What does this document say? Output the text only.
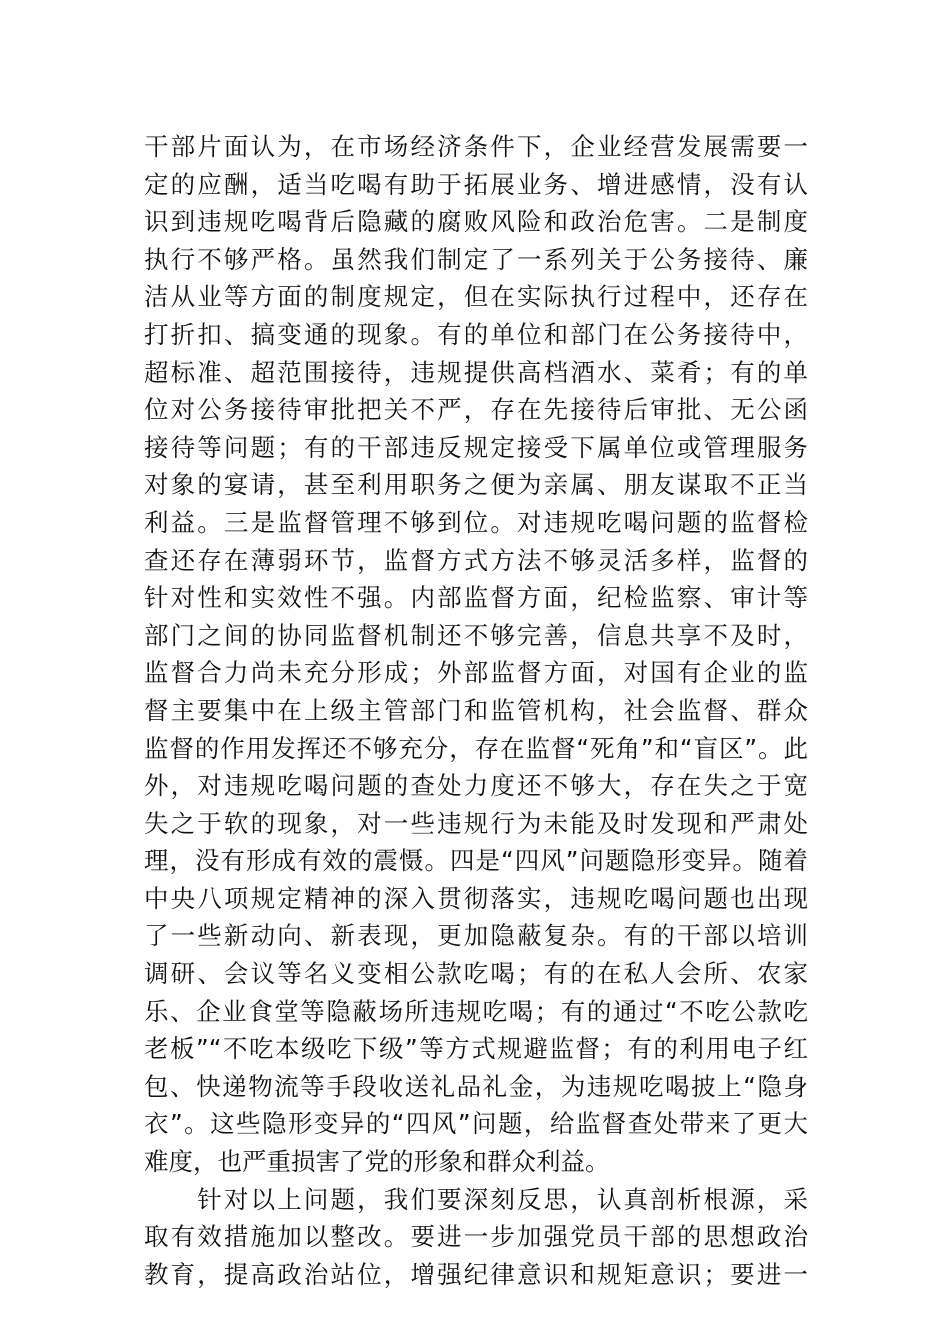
干部片面认为，在市场经济条件下，企业经营发展需要一
定的应酬，适当吃喝有助于拓展业务、增进感情，没有认
识到违规吃喝背后隐藏的腐败风险和政治危害。二是制度
执行不够严格。虽然我们制定了一系列关于公务接待、廉
洁从业等方面的制度规定，但在实际执行过程中，还存在
打折扣、搞变通的现象。有的单位和部门在公务接待中，
超标准、超范围接待，违规提供高档酒水、菜肴；有的单
位对公务接待审批把关不严，存在先接待后审批、无公函
接待等问题；有的干部违反规定接受下属单位或管理服务
对象的宴请，甚至利用职务之便为亲属、朋友谋取不正当
利益。三是监督管理不够到位。对违规吃喝问题的监督检
查还存在薄弱环节，监督方式方法不够灵活多样，监督的
针对性和实效性不强。内部监督方面，纪检监察、审计等
部门之间的协同监督机制还不够完善，信息共享不及时，
监督合力尚未充分形成；外部监督方面，对国有企业的监
督主要集中在上级主管部门和监管机构，社会监督、群众
监督的作用发挥还不够充分，存在监督“死角”和“盲区”。此
外，对违规吃喝问题的查处力度还不够大，存在失之于宽
失之于软的现象，对一些违规行为未能及时发现和严肃处
理，没有形成有效的震慑。四是“四风”问题隐形变异。随着
中央八项规定精神的深入贯彻落实，违规吃喝问题也出现
了一些新动向、新表现，更加隐蔽复杂。有的干部以培训
调研、会议等名义变相公款吃喝；有的在私人会所、农家
乐、企业食堂等隐蔽场所违规吃喝；有的通过“不吃公款吃
老板”“不吃本级吃下级”等方式规避监督；有的利用电子红
包、快递物流等手段收送礼品礼金，为违规吃喝披上“隐身
衣”。这些隐形变异的“四风”问题，给监督查处带来了更大
难度，也严重损害了党的形象和群众利益。
　　针对以上问题，我们要深刻反思，认真剖析根源，采
取有效措施加以整改。要进一步加强党员干部的思想政治
教育，提高政治站位，增强纪律意识和规矩意识；要进一
